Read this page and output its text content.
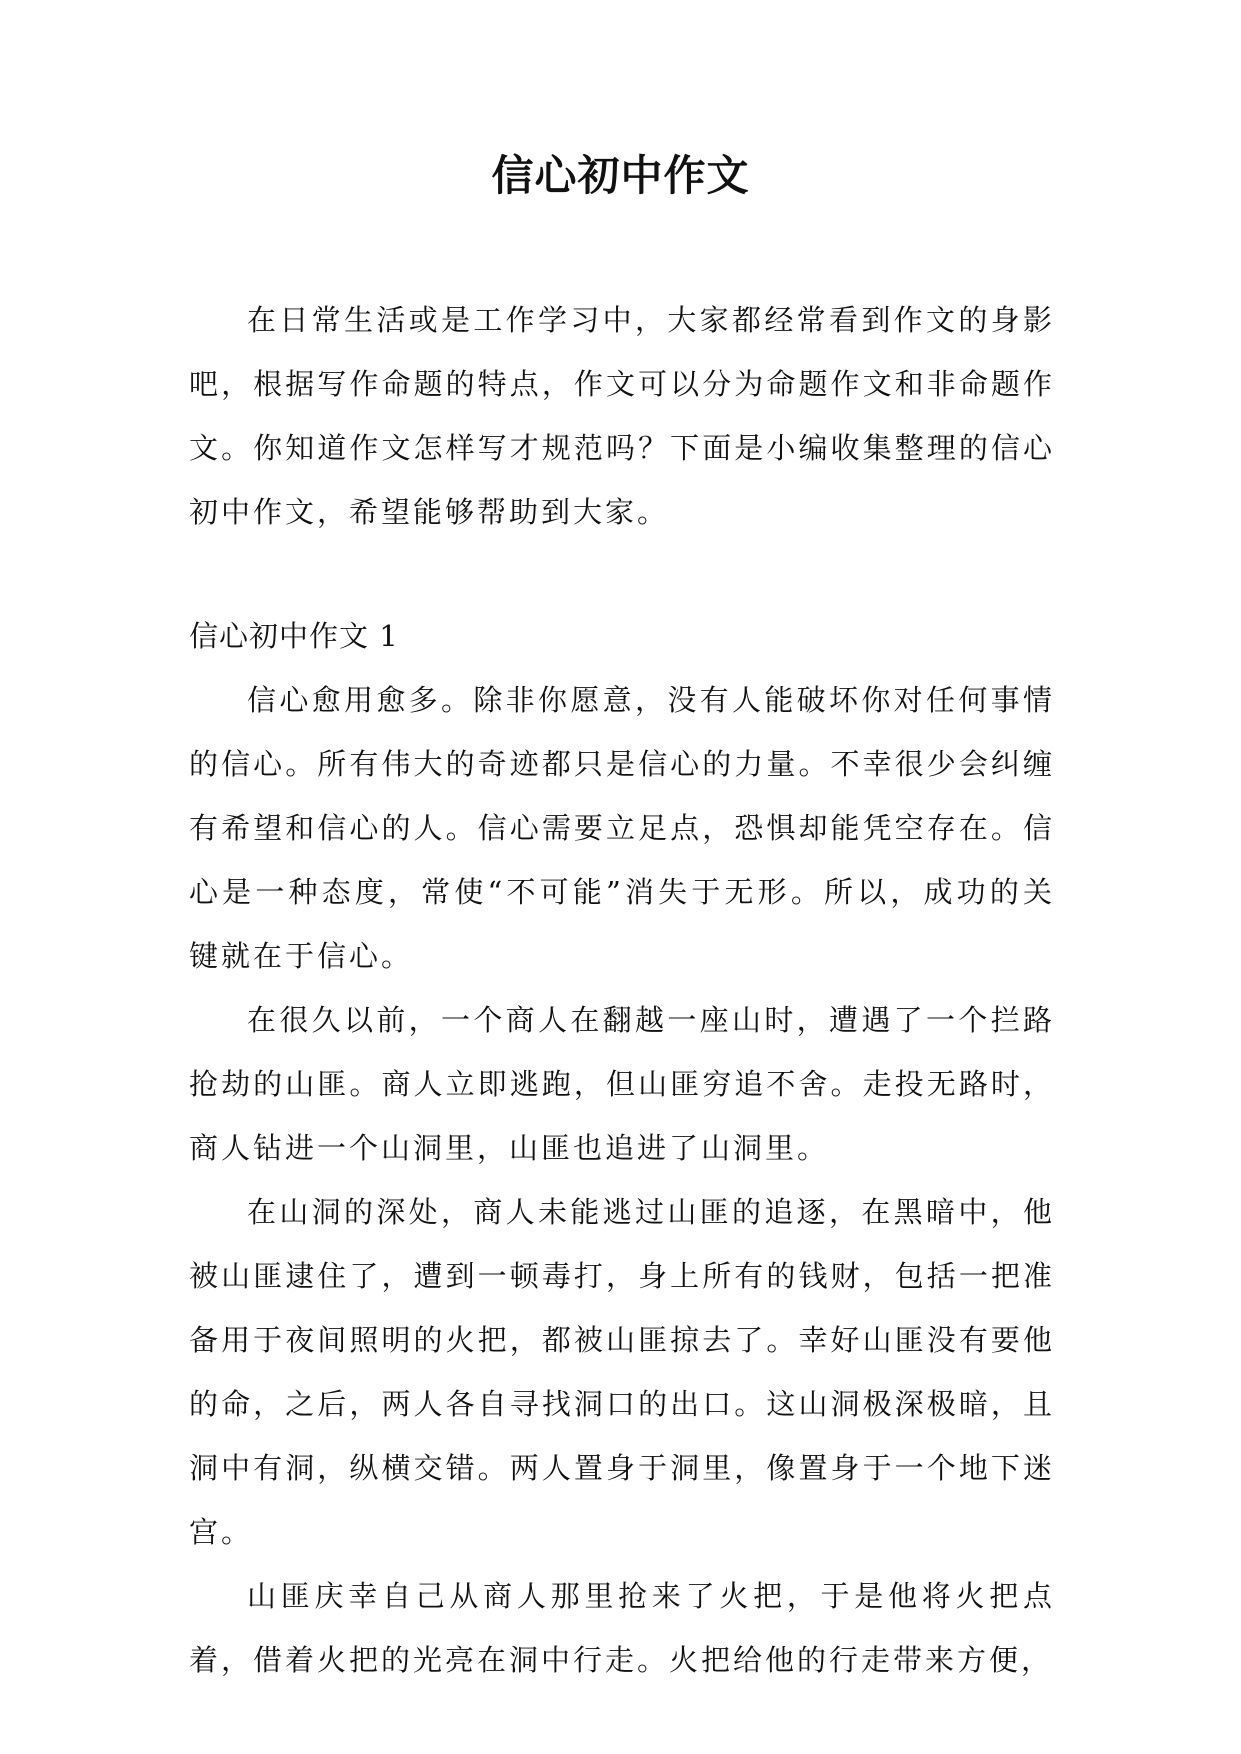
信心初中作文

在日常生活或是工作学习中，大家都经常看到作文的身影吧，根据写作命题的特点，作文可以分为命题作文和非命题作文。你知道作文怎样写才规范吗？下面是小编收集整理的信心初中作文，希望能够帮助到大家。

信心初中作文 1

信心愈用愈多。除非你愿意，没有人能破坏你对任何事情的信心。所有伟大的奇迹都只是信心的力量。不幸很少会纠缠有希望和信心的人。信心需要立足点，恐惧却能凭空存在。信心是一种态度，常使“不可能”消失于无形。所以，成功的关键就在于信心。

在很久以前，一个商人在翻越一座山时，遭遇了一个拦路抢劫的山匪。商人立即逃跑，但山匪穷追不舍。走投无路时，商人钻进一个山洞里，山匪也追进了山洞里。

在山洞的深处，商人未能逃过山匪的追逐，在黑暗中，他被山匪逮住了，遭到一顿毒打，身上所有的钱财，包括一把准备用于夜间照明的火把，都被山匪掠去了。幸好山匪没有要他的命，之后，两人各自寻找洞口的出口。这山洞极深极暗，且洞中有洞，纵横交错。两人置身于洞里，像置身于一个地下迷宫。

山匪庆幸自己从商人那里抢来了火把，于是他将火把点着，借着火把的光亮在洞中行走。火把给他的行走带来方便，
